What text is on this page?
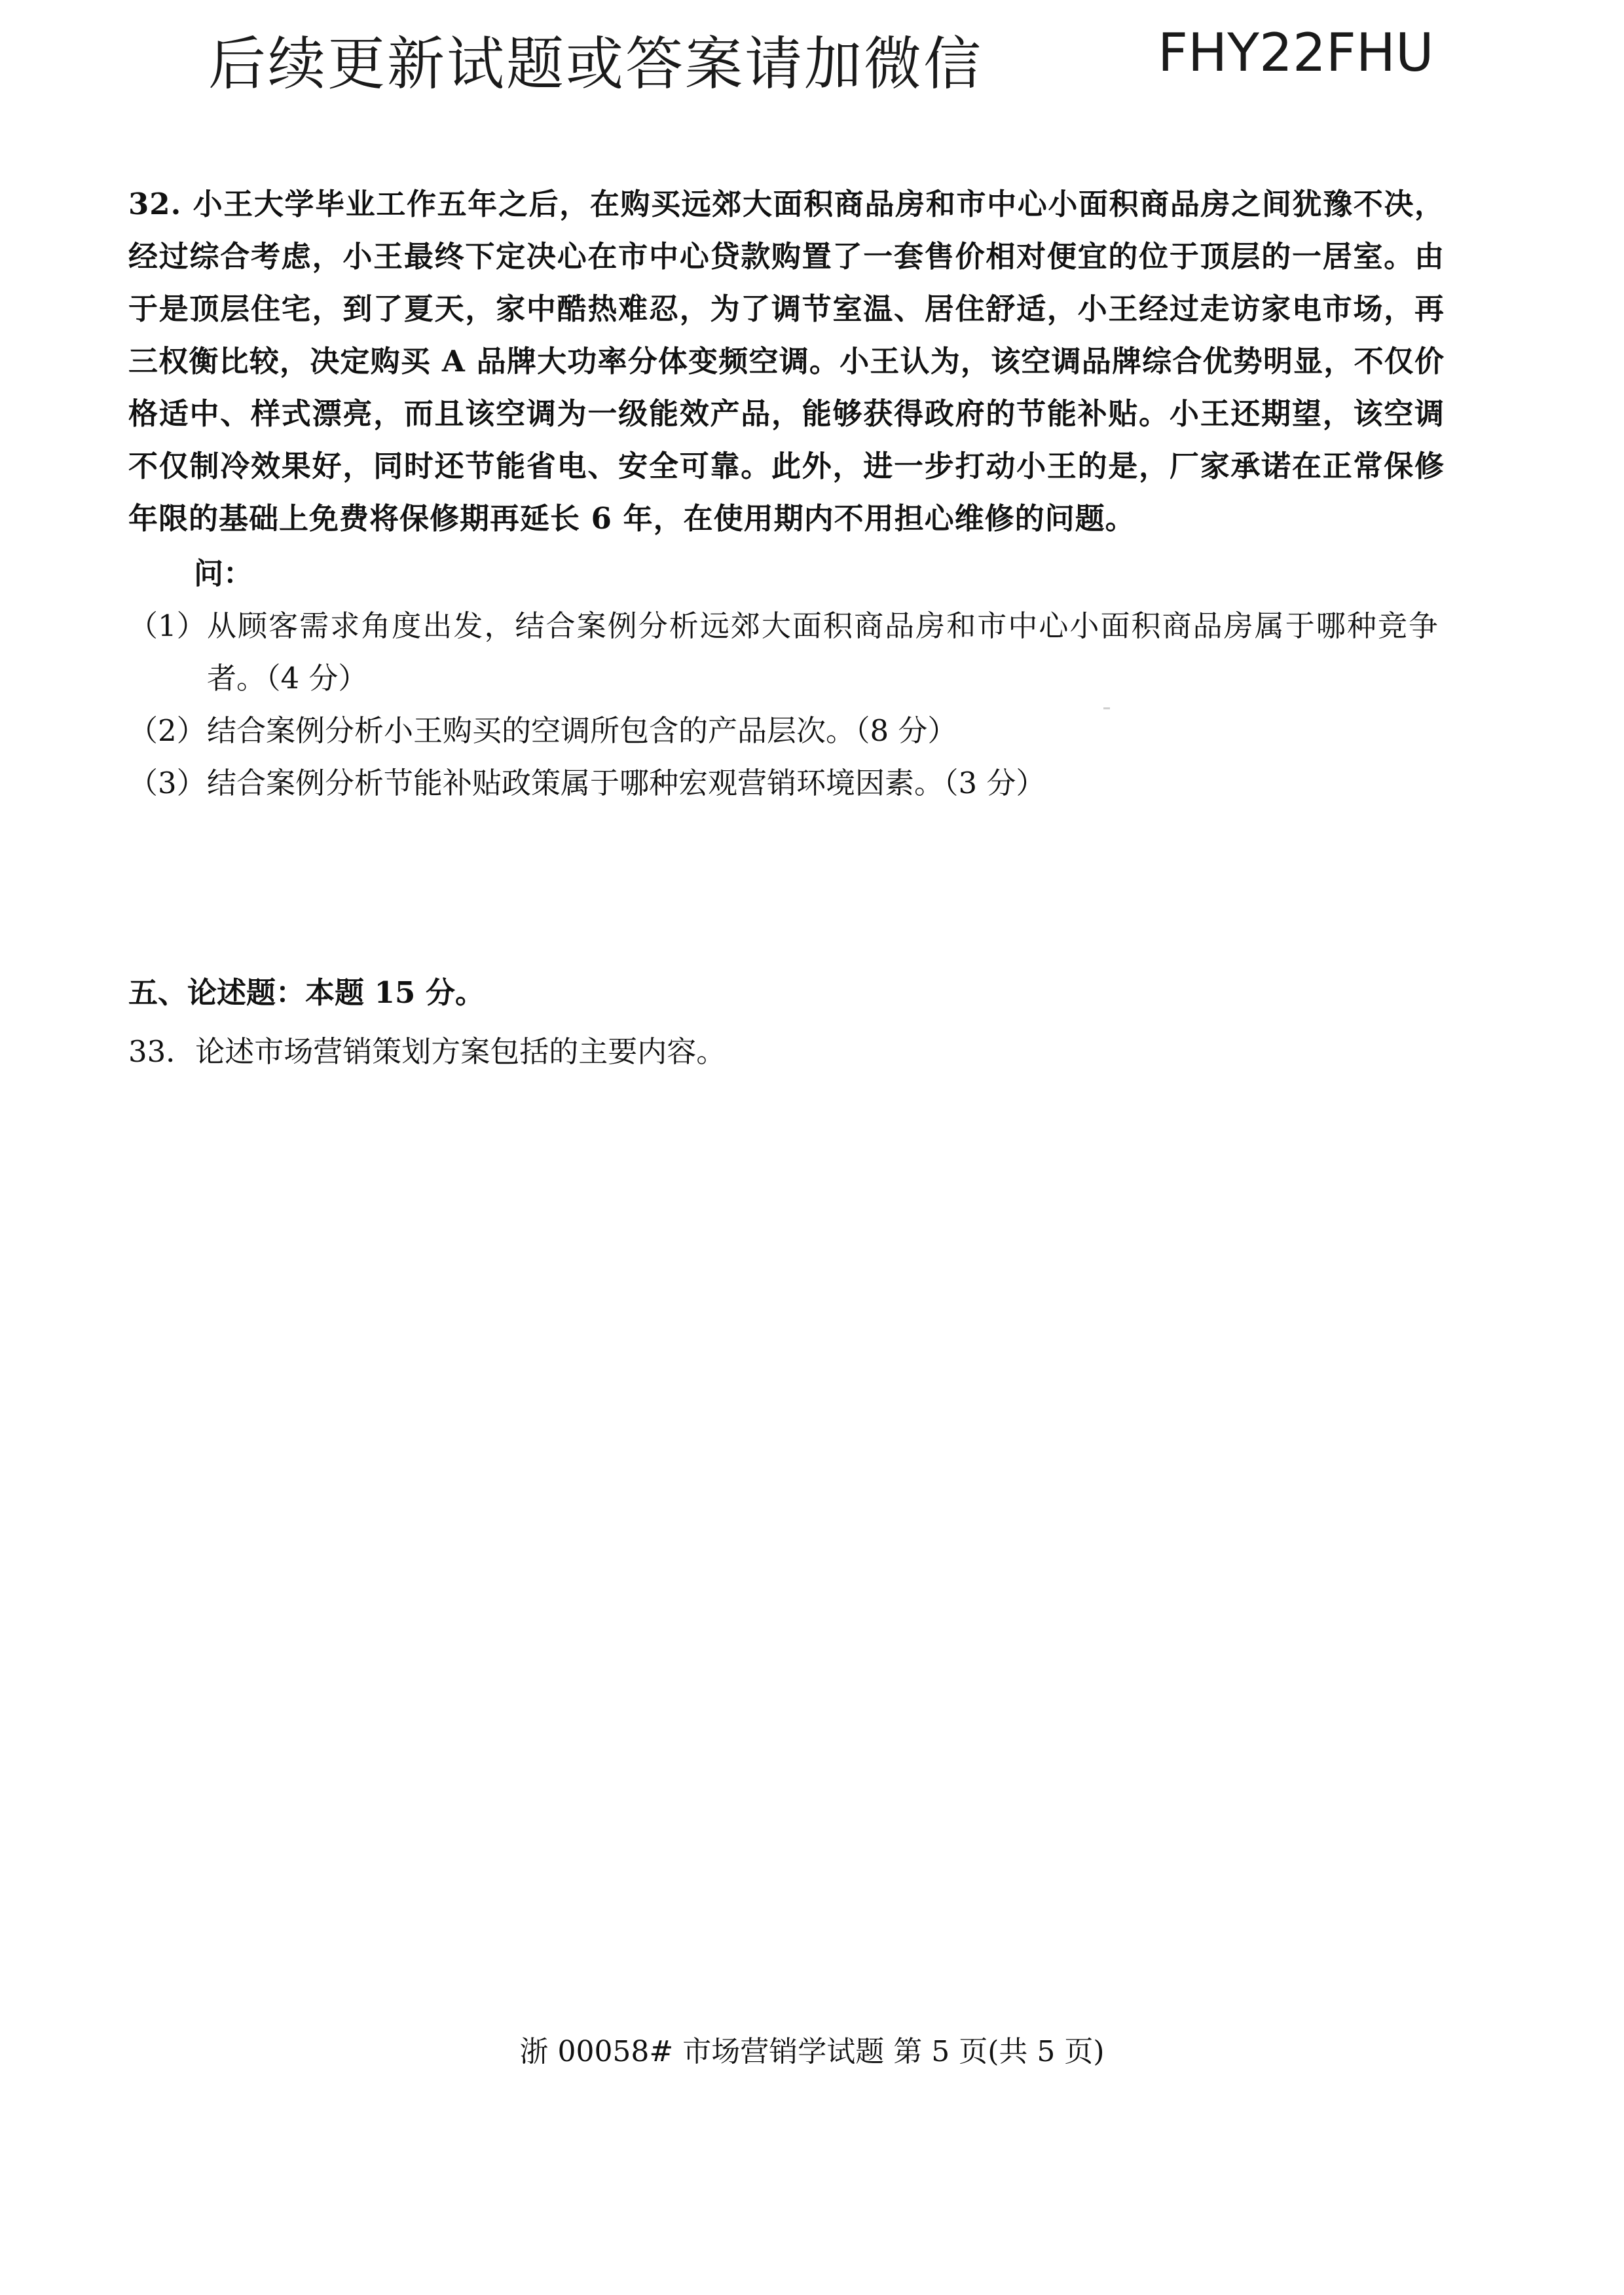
后续更新试题或答案请加微信	FHY22FHU

32. 小王大学毕业工作五年之后，在购买远郊大面积商品房和市中心小面积商品房之间犹豫不决，经过综合考虑，小王最终下定决心在市中心贷款购置了一套售价相对便宜的位于顶层的一居室。由于是顶层住宅，到了夏天，家中酷热难忍，为了调节室温、居住舒适，小王经过走访家电市场，再三权衡比较，决定购买 A 品牌大功率分体变频空调。小王认为，该空调品牌综合优势明显，不仅价格适中、样式漂亮，而且该空调为一级能效产品，能够获得政府的节能补贴。小王还期望，该空调不仅制冷效果好，同时还节能省电、安全可靠。此外，进一步打动小王的是，厂家承诺在正常保修年限的基础上免费将保修期再延长 6 年，在使用期内不用担心维修的问题。

问：
（1） 从顾客需求角度出发，结合案例分析远郊大面积商品房和市中心小面积商品房属于哪种竞争者。（4 分）
（2） 结合案例分析小王购买的空调所包含的产品层次。（8 分）
（3） 结合案例分析节能补贴政策属于哪种宏观营销环境因素。（3 分）
五、论述题：本题 15 分。
33．论述市场营销策划方案包括的主要内容。
浙 00058# 市场营销学试题 第 5 页(共 5 页)
